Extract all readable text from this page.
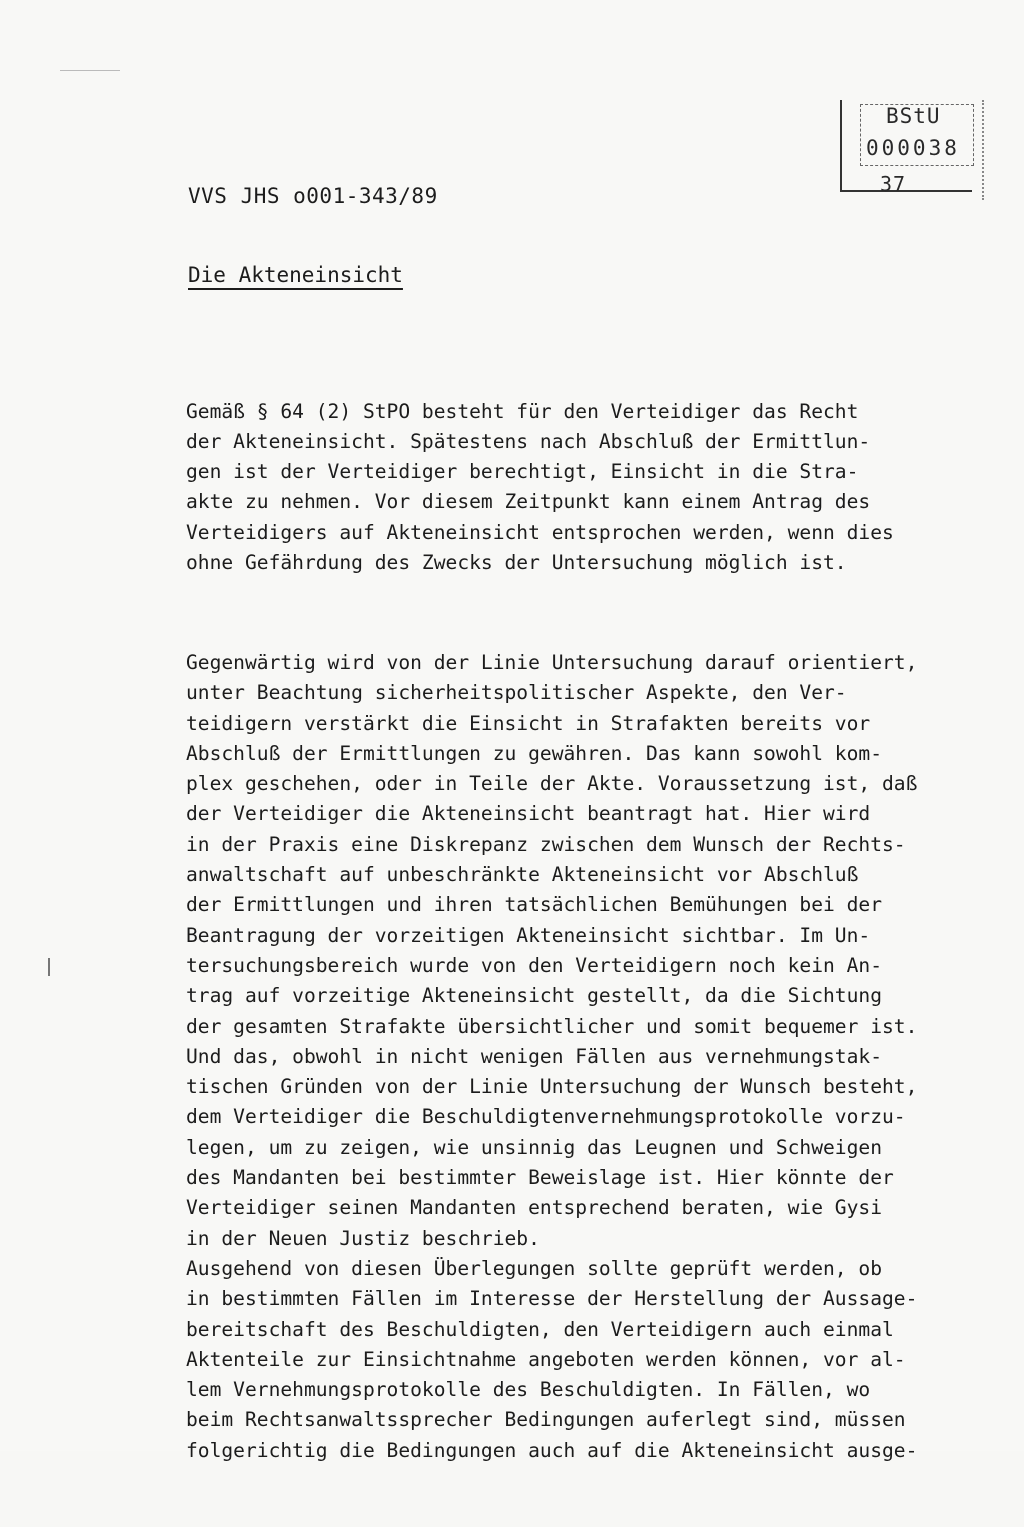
BStU
000038
37
VVS JHS o001-343/89
Die Akteneinsicht

Gemäß § 64 (2) StPO besteht für den Verteidiger das Recht
der Akteneinsicht. Spätestens nach Abschluß der Ermittlun-
gen ist der Verteidiger berechtigt, Einsicht in die Stra-
akte zu nehmen. Vor diesem Zeitpunkt kann einem Antrag des
Verteidigers auf Akteneinsicht entsprochen werden, wenn dies
ohne Gefährdung des Zwecks der Untersuchung möglich ist.

Gegenwärtig wird von der Linie Untersuchung darauf orientiert,
unter Beachtung sicherheitspolitischer Aspekte, den Ver-
teidigern verstärkt die Einsicht in Strafakten bereits vor
Abschluß der Ermittlungen zu gewähren. Das kann sowohl kom-
plex geschehen, oder in Teile der Akte. Voraussetzung ist, daß
der Verteidiger die Akteneinsicht beantragt hat. Hier wird
in der Praxis eine Diskrepanz zwischen dem Wunsch der Rechts-
anwaltschaft auf unbeschränkte Akteneinsicht vor Abschluß
der Ermittlungen und ihren tatsächlichen Bemühungen bei der
Beantragung der vorzeitigen Akteneinsicht sichtbar. Im Un-
tersuchungsbereich wurde von den Verteidigern noch kein An-
trag auf vorzeitige Akteneinsicht gestellt, da die Sichtung
der gesamten Strafakte übersichtlicher und somit bequemer ist.
Und das, obwohl in nicht wenigen Fällen aus vernehmungstak-
tischen Gründen von der Linie Untersuchung der Wunsch besteht,
dem Verteidiger die Beschuldigtenvernehmungsprotokolle vorzu-
legen, um zu zeigen, wie unsinnig das Leugnen und Schweigen
des Mandanten bei bestimmter Beweislage ist. Hier könnte der
Verteidiger seinen Mandanten entsprechend beraten, wie Gysi
in der Neuen Justiz beschrieb.
Ausgehend von diesen Überlegungen sollte geprüft werden, ob
in bestimmten Fällen im Interesse der Herstellung der Aussage-
bereitschaft des Beschuldigten, den Verteidigern auch einmal
Aktenteile zur Einsichtnahme angeboten werden können, vor al-
lem Vernehmungsprotokolle des Beschuldigten. In Fällen, wo
beim Rechtsanwaltssprecher Bedingungen auferlegt sind, müssen
folgerichtig die Bedingungen auch auf die Akteneinsicht ausge-
